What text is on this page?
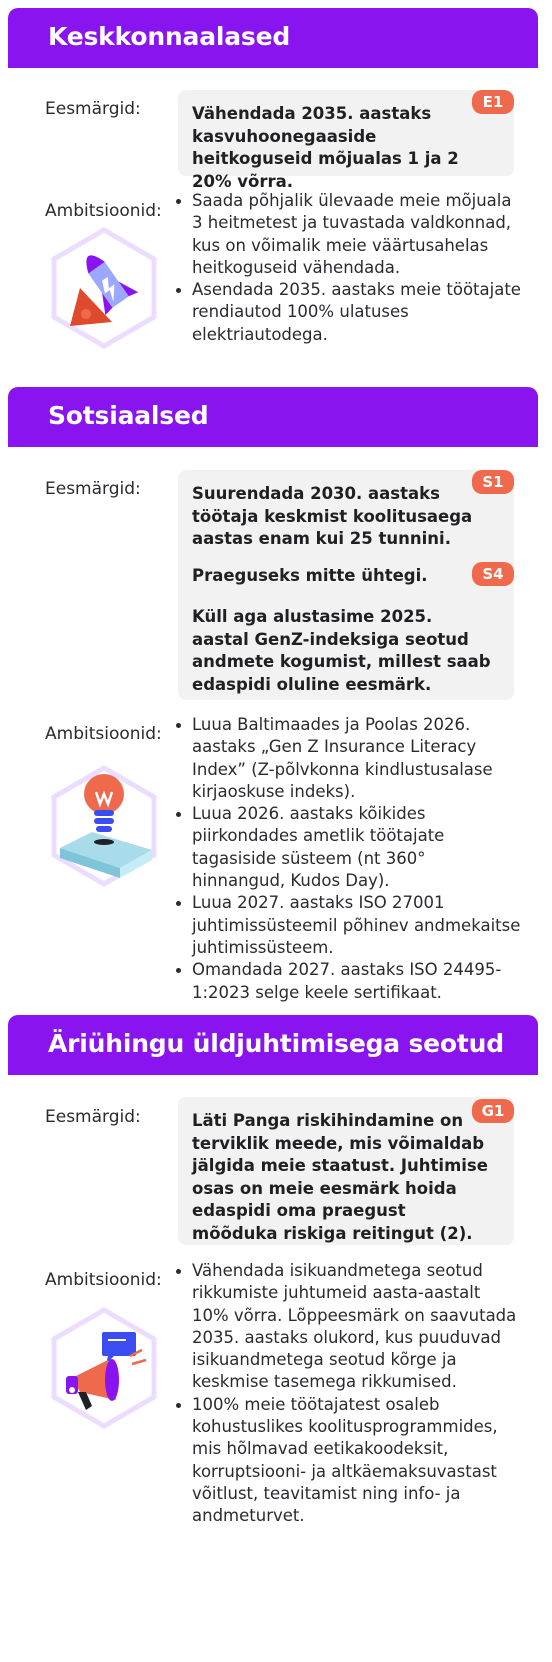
Keskkonnaalased
Eesmärgid:	E1
Vähendada 2035. aastaks kasvuhoonegaaside heitkoguseid mõjualas 1 ja 2 20% võrra.
Ambitsioonid:
Saada põhjalik ülevaade meie mõjuala 3 heitmetest ja tuvastada valdkonnad, kus on võimalik meie väärtusahelas heitkoguseid vähendada.
Asendada 2035. aastaks meie töötajate rendiautod 100% ulatuses elektriautodega.
Sotsiaalsed
Eesmärgid:	S1
Suurendada 2030. aastaks töötaja keskmist koolitusaega aastas enam kui 25 tunnini.
S4
Praeguseks mitte ühtegi.
Küll aga alustasime 2025. aastal GenZ-indeksiga seotud andmete kogumist, millest saab edaspidi oluline eesmärk.
Ambitsioonid:	Luua Baltimaades ja Poolas 2026. aastaks „Gen Z Insurance Literacy Index” (Z-põlvkonna kindlustusalase kirjaoskuse indeks).
Luua 2026. aastaks kõikides piirkondades ametlik töötajate tagasiside süsteem (nt 360° hinnangud, Kudos Day).
Luua 2027. aastaks ISO 27001 juhtimissüsteemil põhinev andmekaitse juhtimissüsteem.
Omandada 2027. aastaks ISO 24495-1:2023 selge keele sertifikaat.
Äriühingu üldjuhtimisega seotud
Eesmärgid:	G1
Läti Panga riskihindamine on terviklik meede, mis võimaldab jälgida meie staatust. Juhtimise osas on meie eesmärk hoida edaspidi oma praegust mõõduka riskiga reitingut (2).
Ambitsioonid:	Vähendada isikuandmetega seotud rikkumiste juhtumeid aasta-aastalt 10% võrra. Lõppeesmärk on saavutada 2035. aastaks olukord, kus puuduvad isikuandmetega seotud kõrge ja keskmise tasemega rikkumised.
100% meie töötajatest osaleb kohustuslikes koolitusprogrammides, mis hõlmavad eetikakoodeksit, korruptsiooni- ja altkäemaksuvastast võitlust, teavitamist ning info- ja andmeturvet.
